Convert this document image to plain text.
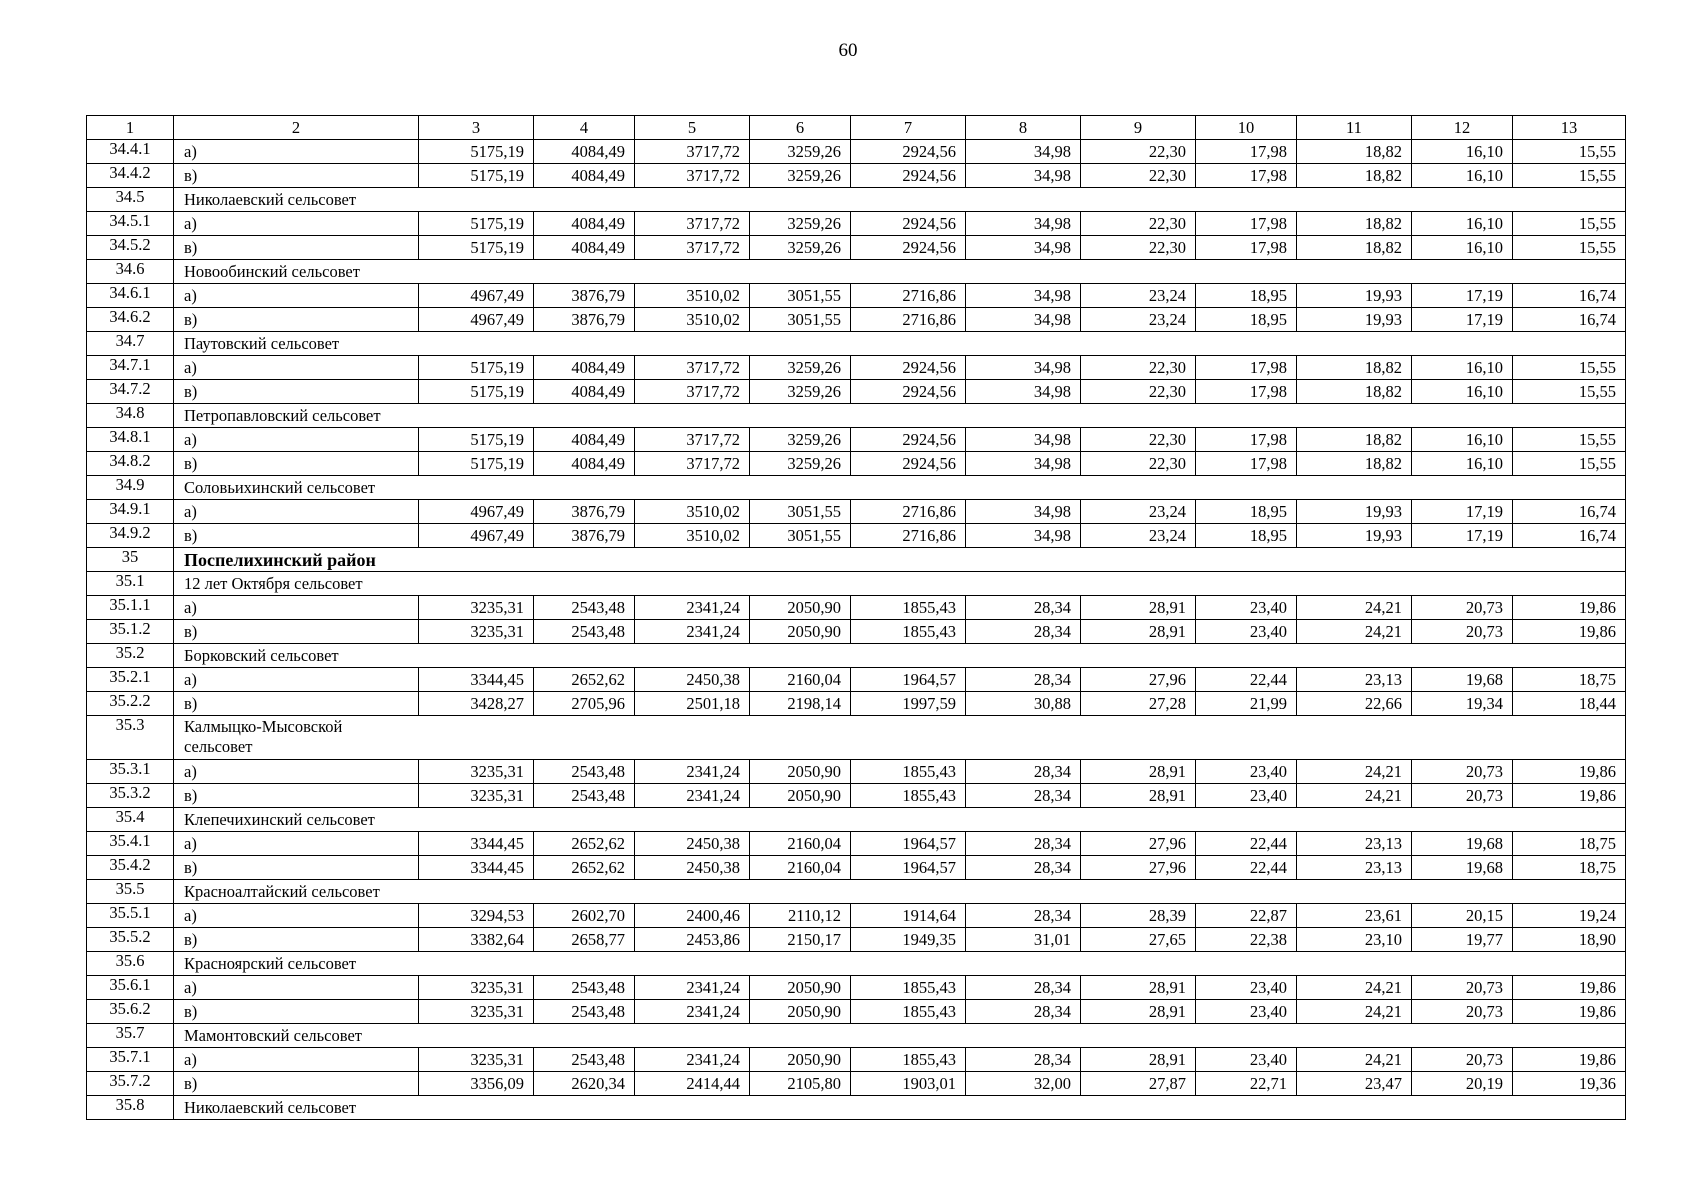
60
1	2	3	4	5	6	7	8	9	10	11	12	13
34.4.1	а)	5175,19	4084,49	3717,72	3259,26	2924,56	34,98	22,30	17,98	18,82	16,10	15,55
34.4.2	в)	5175,19	4084,49	3717,72	3259,26	2924,56	34,98	22,30	17,98	18,82	16,10	15,55
34.5	Николаевский сельсовет											

34.5.1	а)	5175,19	4084,49	3717,72	3259,26	2924,56	34,98	22,30	17,98	18,82	16,10	15,55
34.5.2	в)	5175,19	4084,49	3717,72	3259,26	2924,56	34,98	22,30	17,98	18,82	16,10	15,55
34.6	Новообинский сельсовет											

34.6.1	а)	4967,49	3876,79	3510,02	3051,55	2716,86	34,98	23,24	18,95	19,93	17,19	16,74
34.6.2	в)	4967,49	3876,79	3510,02	3051,55	2716,86	34,98	23,24	18,95	19,93	17,19	16,74
34.7	Паутовский сельсовет											

34.7.1	а)	5175,19	4084,49	3717,72	3259,26	2924,56	34,98	22,30	17,98	18,82	16,10	15,55
34.7.2	в)	5175,19	4084,49	3717,72	3259,26	2924,56	34,98	22,30	17,98	18,82	16,10	15,55
34.8	Петропавловский сельсовет											

34.8.1	а)	5175,19	4084,49	3717,72	3259,26	2924,56	34,98	22,30	17,98	18,82	16,10	15,55
34.8.2	в)	5175,19	4084,49	3717,72	3259,26	2924,56	34,98	22,30	17,98	18,82	16,10	15,55
34.9	Соловьихинский сельсовет											

34.9.1	а)	4967,49	3876,79	3510,02	3051,55	2716,86	34,98	23,24	18,95	19,93	17,19	16,74
34.9.2	в)	4967,49	3876,79	3510,02	3051,55	2716,86	34,98	23,24	18,95	19,93	17,19	16,74
35	Поспелихинский район											

35.1	12 лет Октября сельсовет											

35.1.1	а)	3235,31	2543,48	2341,24	2050,90	1855,43	28,34	28,91	23,40	24,21	20,73	19,86
35.1.2	в)	3235,31	2543,48	2341,24	2050,90	1855,43	28,34	28,91	23,40	24,21	20,73	19,86
35.2	Борковский сельсовет											

35.2.1	а)	3344,45	2652,62	2450,38	2160,04	1964,57	28,34	27,96	22,44	23,13	19,68	18,75
35.2.2	в)	3428,27	2705,96	2501,18	2198,14	1997,59	30,88	27,28	21,99	22,66	19,34	18,44
35.3	Калмыцко-Мысовской сельсовет											

35.3.1	а)	3235,31	2543,48	2341,24	2050,90	1855,43	28,34	28,91	23,40	24,21	20,73	19,86
35.3.2	в)	3235,31	2543,48	2341,24	2050,90	1855,43	28,34	28,91	23,40	24,21	20,73	19,86
35.4	Клепечихинский сельсовет											

35.4.1	а)	3344,45	2652,62	2450,38	2160,04	1964,57	28,34	27,96	22,44	23,13	19,68	18,75
35.4.2	в)	3344,45	2652,62	2450,38	2160,04	1964,57	28,34	27,96	22,44	23,13	19,68	18,75
35.5	Красноалтайский сельсовет											

35.5.1	а)	3294,53	2602,70	2400,46	2110,12	1914,64	28,34	28,39	22,87	23,61	20,15	19,24
35.5.2	в)	3382,64	2658,77	2453,86	2150,17	1949,35	31,01	27,65	22,38	23,10	19,77	18,90
35.6	Красноярский сельсовет											

35.6.1	а)	3235,31	2543,48	2341,24	2050,90	1855,43	28,34	28,91	23,40	24,21	20,73	19,86
35.6.2	в)	3235,31	2543,48	2341,24	2050,90	1855,43	28,34	28,91	23,40	24,21	20,73	19,86
35.7	Мамонтовский сельсовет											

35.7.1	а)	3235,31	2543,48	2341,24	2050,90	1855,43	28,34	28,91	23,40	24,21	20,73	19,86
35.7.2	в)	3356,09	2620,34	2414,44	2105,80	1903,01	32,00	27,87	22,71	23,47	20,19	19,36
35.8	Николаевский сельсовет											
